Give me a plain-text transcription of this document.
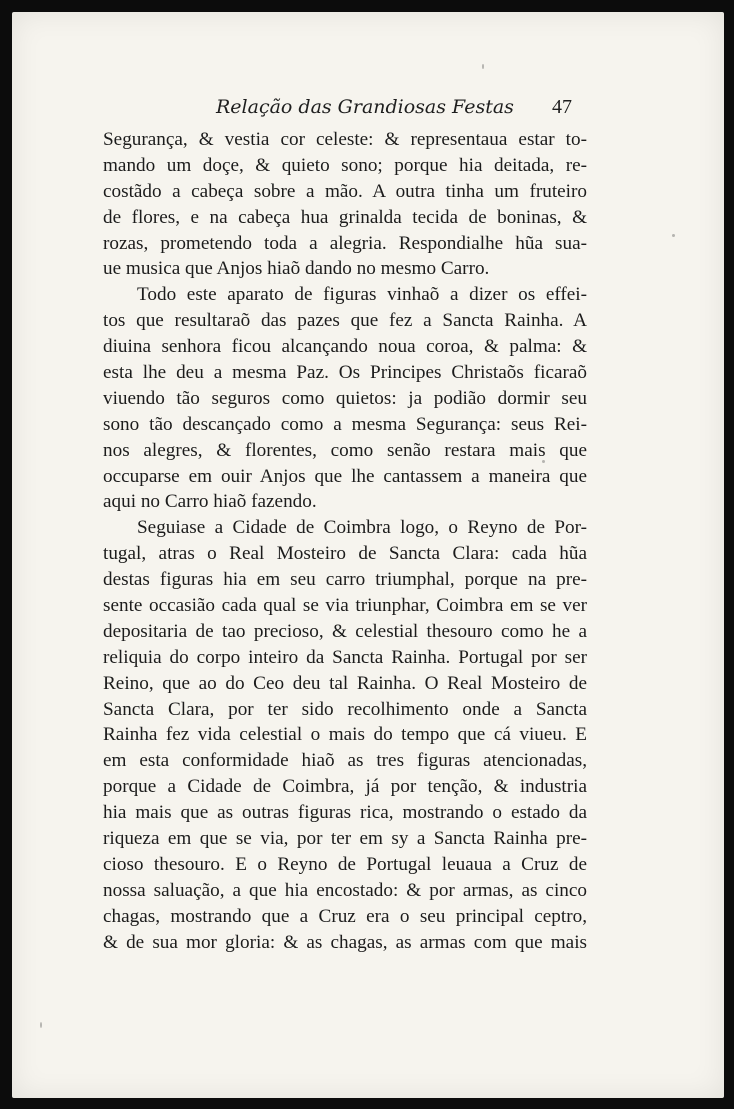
Relação das Grandiosas Festas 47
Segurança, & vestia cor celeste: & representaua estar to-
mando um doçe, & quieto sono; porque hia deitada, re-
costãdo a cabeça sobre a mão. A outra tinha um fruteiro
de flores, e na cabeça hua grinalda tecida de boninas, &
rozas, prometendo toda a alegria. Respondialhe hũa sua-
ue musica que Anjos hiaõ dando no mesmo Carro.
Todo este aparato de figuras vinhaõ a dizer os effei-
tos que resultaraõ das pazes que fez a Sancta Rainha. A
diuina senhora ficou alcançando noua coroa, & palma: &
esta lhe deu a mesma Paz. Os Principes Christaõs ficaraõ
viuendo tão seguros como quietos: ja podião dormir seu
sono tão descançado como a mesma Segurança: seus Rei-
nos alegres, & florentes, como senão restara mais que
occuparse em ouir Anjos que lhe cantassem a maneira que
aqui no Carro hiaõ fazendo.
Seguiase a Cidade de Coimbra logo, o Reyno de Por-
tugal, atras o Real Mosteiro de Sancta Clara: cada hũa
destas figuras hia em seu carro triumphal, porque na pre-
sente occasião cada qual se via triunphar, Coimbra em se ver
depositaria de tao precioso, & celestial thesouro como he a
reliquia do corpo inteiro da Sancta Rainha. Portugal por ser
Reino, que ao do Ceo deu tal Rainha. O Real Mosteiro de
Sancta Clara, por ter sido recolhimento onde a Sancta
Rainha fez vida celestial o mais do tempo que cá viueu. E
em esta conformidade hiaõ as tres figuras atencionadas,
porque a Cidade de Coimbra, já por tenção, & industria
hia mais que as outras figuras rica, mostrando o estado da
riqueza em que se via, por ter em sy a Sancta Rainha pre-
cioso thesouro. E o Reyno de Portugal leuaua a Cruz de
nossa saluação, a que hia encostado: & por armas, as cinco
chagas, mostrando que a Cruz era o seu principal ceptro,
& de sua mor gloria: & as chagas, as armas com que mais
